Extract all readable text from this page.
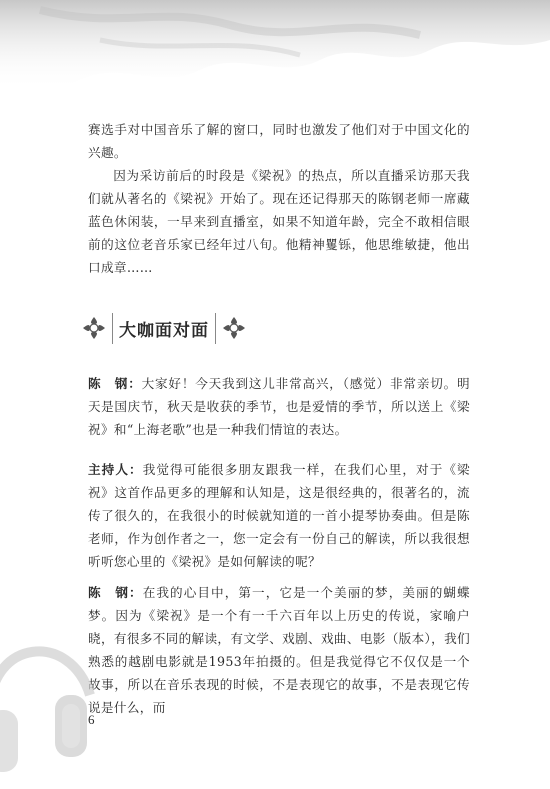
赛选手对中国音乐了解的窗口，同时也激发了他们对于中国文化的兴趣。

因为采访前后的时段是《梁祝》的热点，所以直播采访那天我们就从著名的《梁祝》开始了。现在还记得那天的陈钢老师一席藏蓝色休闲装，一早来到直播室，如果不知道年龄，完全不敢相信眼前的这位老音乐家已经年过八旬。他精神矍铄，他思维敏捷，他出口成章……

大咖面对面
陈　钢：大家好！今天我到这儿非常高兴，（感觉）非常亲切。明天是国庆节，秋天是收获的季节，也是爱情的季节，所以送上《梁祝》和“上海老歌”也是一种我们情谊的表达。
主持人：我觉得可能很多朋友跟我一样，在我们心里，对于《梁祝》这首作品更多的理解和认知是，这是很经典的，很著名的，流传了很久的，在我很小的时候就知道的一首小提琴协奏曲。但是陈老师，作为创作者之一，您一定会有一份自己的解读，所以我很想听听您心里的《梁祝》是如何解读的呢？
陈　钢：在我的心目中，第一，它是一个美丽的梦，美丽的蝴蝶梦。因为《梁祝》是一个有一千六百年以上历史的传说，家喻户晓，有很多不同的解读，有文学、戏剧、戏曲、电影（版本），我们熟悉的越剧电影就是1953年拍摄的。但是我觉得它不仅仅是一个故事，所以在音乐表现的时候，不是表现它的故事，不是表现它传说是什么，而
6
